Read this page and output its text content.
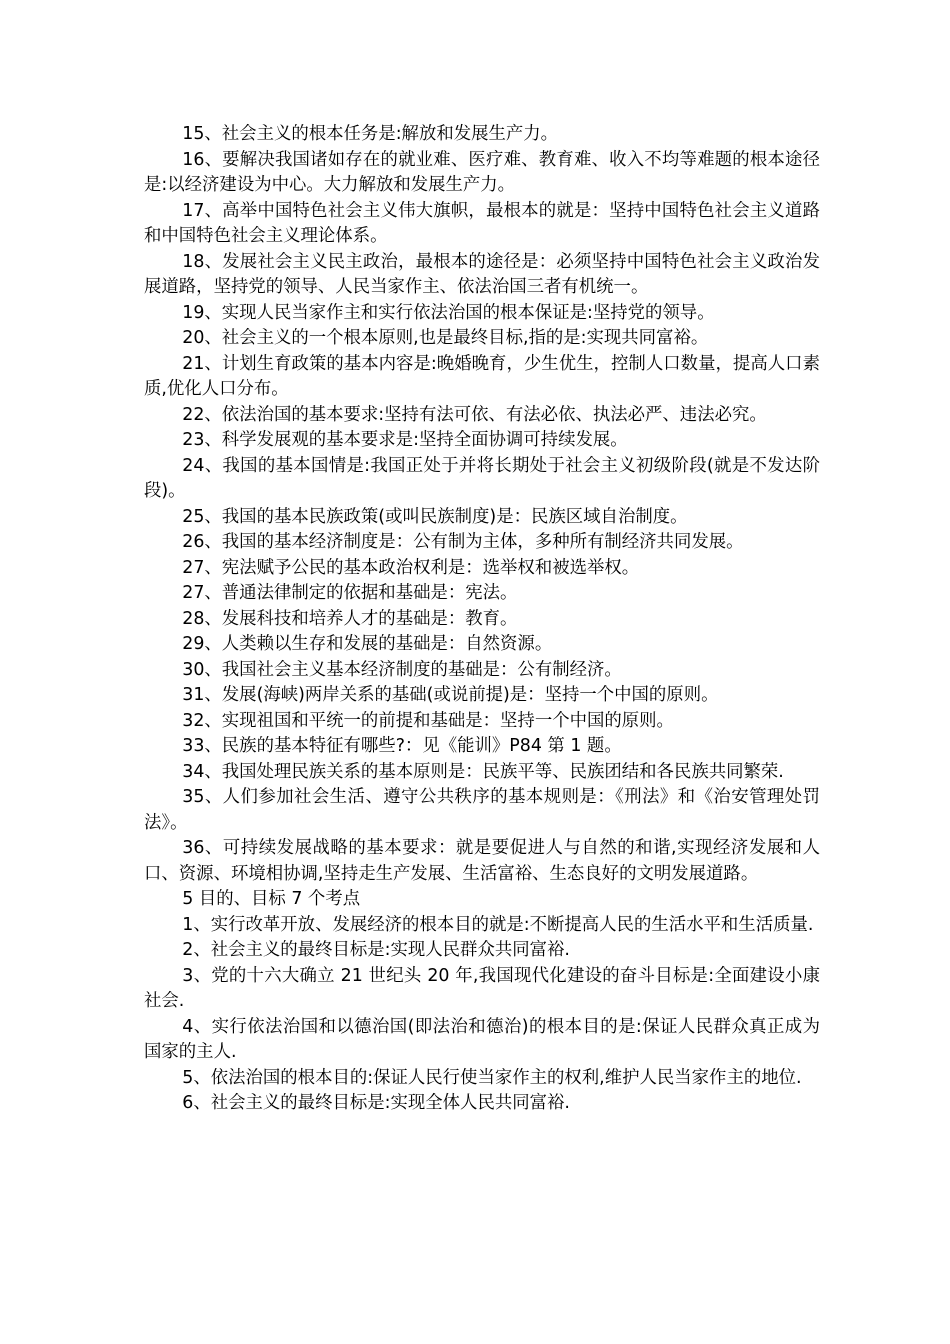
15、社会主义的根本任务是:解放和发展生产力。

16、要解决我国诸如存在的就业难、医疗难、教育难、收入不均等难题的根本途径是:以经济建设为中心。大力解放和发展生产力。

17、高举中国特色社会主义伟大旗帜，最根本的就是：坚持中国特色社会主义道路和中国特色社会主义理论体系。

18、发展社会主义民主政治，最根本的途径是：必须坚持中国特色社会主义政治发展道路，坚持党的领导、人民当家作主、依法治国三者有机统一。

19、实现人民当家作主和实行依法治国的根本保证是:坚持党的领导。

20、社会主义的一个根本原则,也是最终目标,指的是:实现共同富裕。

21、计划生育政策的基本内容是:晚婚晚育，少生优生，控制人口数量，提高人口素质,优化人口分布。

22、依法治国的基本要求:坚持有法可依、有法必依、执法必严、违法必究。

23、科学发展观的基本要求是:坚持全面协调可持续发展。

24、我国的基本国情是:我国正处于并将长期处于社会主义初级阶段(就是不发达阶段)。

25、我国的基本民族政策(或叫民族制度)是：民族区域自治制度。

26、我国的基本经济制度是：公有制为主体，多种所有制经济共同发展。

27、宪法赋予公民的基本政治权利是：选举权和被选举权。

27、普通法律制定的依据和基础是：宪法。

28、发展科技和培养人才的基础是：教育。

29、人类赖以生存和发展的基础是：自然资源。

30、我国社会主义基本经济制度的基础是：公有制经济。

31、发展(海峡)两岸关系的基础(或说前提)是：坚持一个中国的原则。

32、实现祖国和平统一的前提和基础是：坚持一个中国的原则。

33、民族的基本特征有哪些?：见《能训》P84 第 1 题。

34、我国处理民族关系的基本原则是：民族平等、民族团结和各民族共同繁荣.

35、人们参加社会生活、遵守公共秩序的基本规则是：《刑法》和《治安管理处罚法》。

36、可持续发展战略的基本要求：就是要促进人与自然的和谐,实现经济发展和人口、资源、环境相协调,坚持走生产发展、生活富裕、生态良好的文明发展道路。

5 目的、目标 7 个考点

1、实行改革开放、发展经济的根本目的就是:不断提高人民的生活水平和生活质量.

2、社会主义的最终目标是:实现人民群众共同富裕.

3、党的十六大确立 21 世纪头 20 年,我国现代化建设的奋斗目标是:全面建设小康社会.

4、实行依法治国和以德治国(即法治和德治)的根本目的是:保证人民群众真正成为国家的主人.

5、依法治国的根本目的:保证人民行使当家作主的权利,维护人民当家作主的地位.

6、社会主义的最终目标是:实现全体人民共同富裕.
